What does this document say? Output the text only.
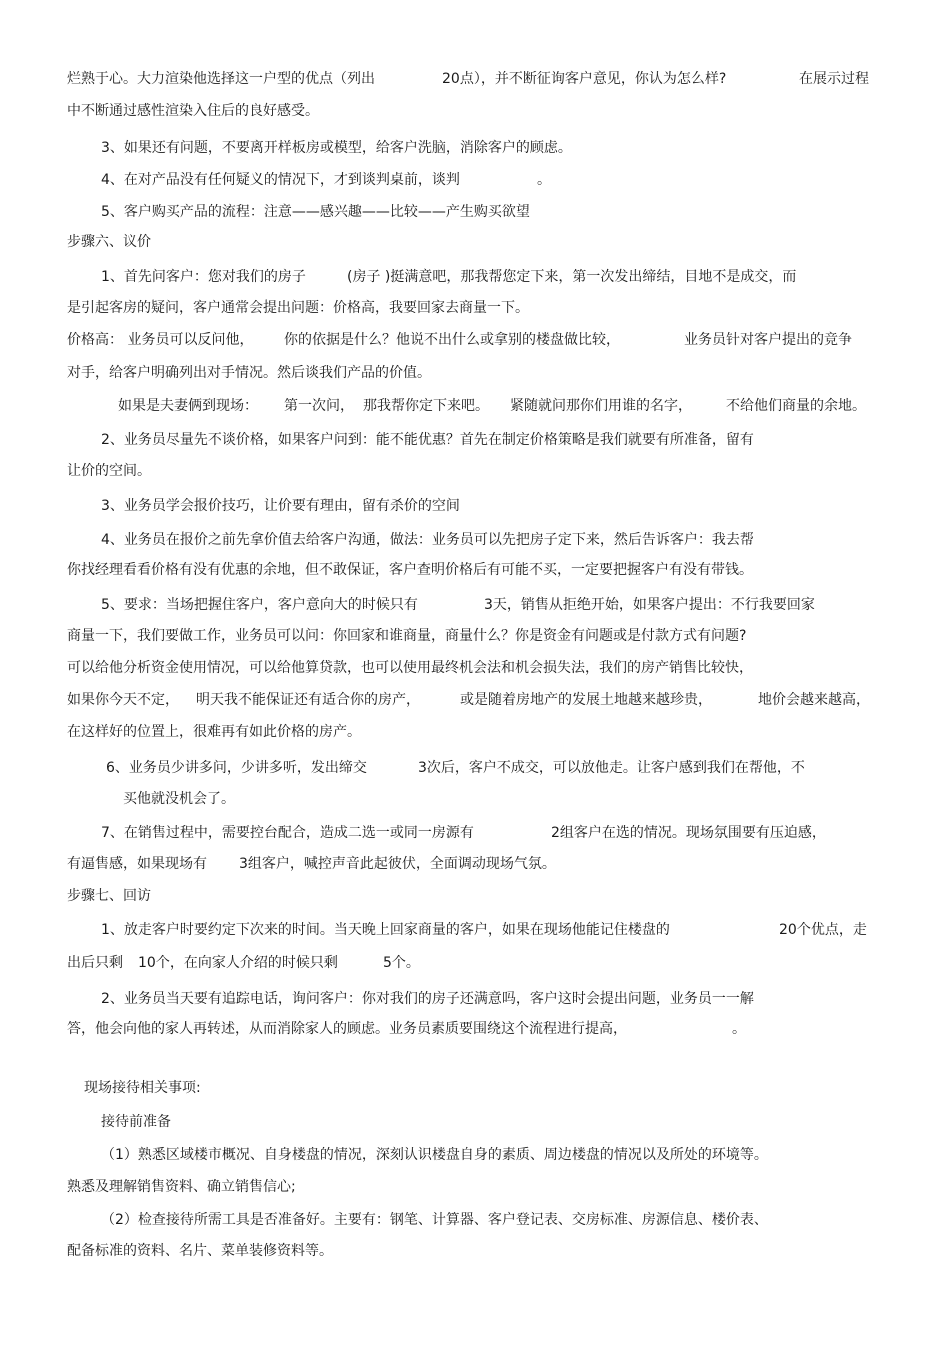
烂熟于心。大力渲染他选择这一户型的优点（列出	20点），并不断征询客户意见，你认为怎么样?	在展示过程
中不断通过感性渲染入住后的良好感受。
3、如果还有问题，不要离开样板房或模型，给客户洗脑，消除客户的顾虑。
4、在对产品没有任何疑义的情况下，才到谈判桌前，谈判	。
5、客户购买产品的流程：注意——感兴趣——比较——产生购买欲望
步骤六、议价
1、首先问客户：您对我们的房子	(房子 )挺满意吧，那我帮您定下来，第一次发出缔结，目地不是成交，而
是引起客房的疑问，客户通常会提出问题：价格高，我要回家去商量一下。
价格高： 业务员可以反问他， 你的依据是什么？他说不出什么或拿别的楼盘做比较，	业务员针对客户提出的竞争
对手，给客户明确列出对手情况。然后谈我们产品的价值。
如果是夫妻俩到现场： 第一次问， 那我帮你定下来吧。 紧随就问那你们用谁的名字， 不给他们商量的余地。
2、业务员尽量先不谈价格，如果客户问到：能不能优惠？首先在制定价格策略是我们就要有所准备，留有
让价的空间。
3、业务员学会报价技巧，让价要有理由，留有杀价的空间
4、业务员在报价之前先拿价值去给客户沟通，做法：业务员可以先把房子定下来，然后告诉客户：我去帮
你找经理看看价格有没有优惠的余地，但不敢保证，客户查明价格后有可能不买，一定要把握客户有没有带钱。
5、要求：当场把握住客户，客户意向大的时候只有	3天，销售从拒绝开始，如果客户提出：不行我要回家
商量一下，我们要做工作，业务员可以问：你回家和谁商量，商量什么？你是资金有问题或是付款方式有问题?
可以给他分析资金使用情况，可以给他算贷款，也可以使用最终机会法和机会损失法，我们的房产销售比较快，
如果你今天不定， 明天我不能保证还有适合你的房产，	或是随着房地产的发展土地越来越珍贵，	地价会越来越高，
在这样好的位置上，很难再有如此价格的房产。
6、业务员少讲多问，少讲多听，发出缔交	3次后，客户不成交，可以放他走。让客户感到我们在帮他，不
买他就没机会了。
7、在销售过程中，需要控台配合，造成二选一或同一房源有	2组客户在选的情况。现场氛围要有压迫感，
有逼售感，如果现场有 3组客户，喊控声音此起彼伏，全面调动现场气氛。
步骤七、回访
1、放走客户时要约定下次来的时间。当天晚上回家商量的客户，如果在现场他能记住楼盘的	20个优点，走
出后只剩 10个，在向家人介绍的时候只剩	5个。
2、业务员当天要有追踪电话，询问客户：你对我们的房子还满意吗，客户这时会提出问题，业务员一一解
答，他会向他的家人再转述，从而消除家人的顾虑。业务员素质要围绕这个流程进行提高，	。
现场接待相关事项:
接待前准备
（1）熟悉区域楼市概况、自身楼盘的情况，深刻认识楼盘自身的素质、周边楼盘的情况以及所处的环境等。
熟悉及理解销售资料、确立销售信心;
（2）检查接待所需工具是否准备好。主要有：钢笔、计算器、客户登记表、交房标准、房源信息、楼价表、
配备标准的资料、名片、菜单装修资料等。
